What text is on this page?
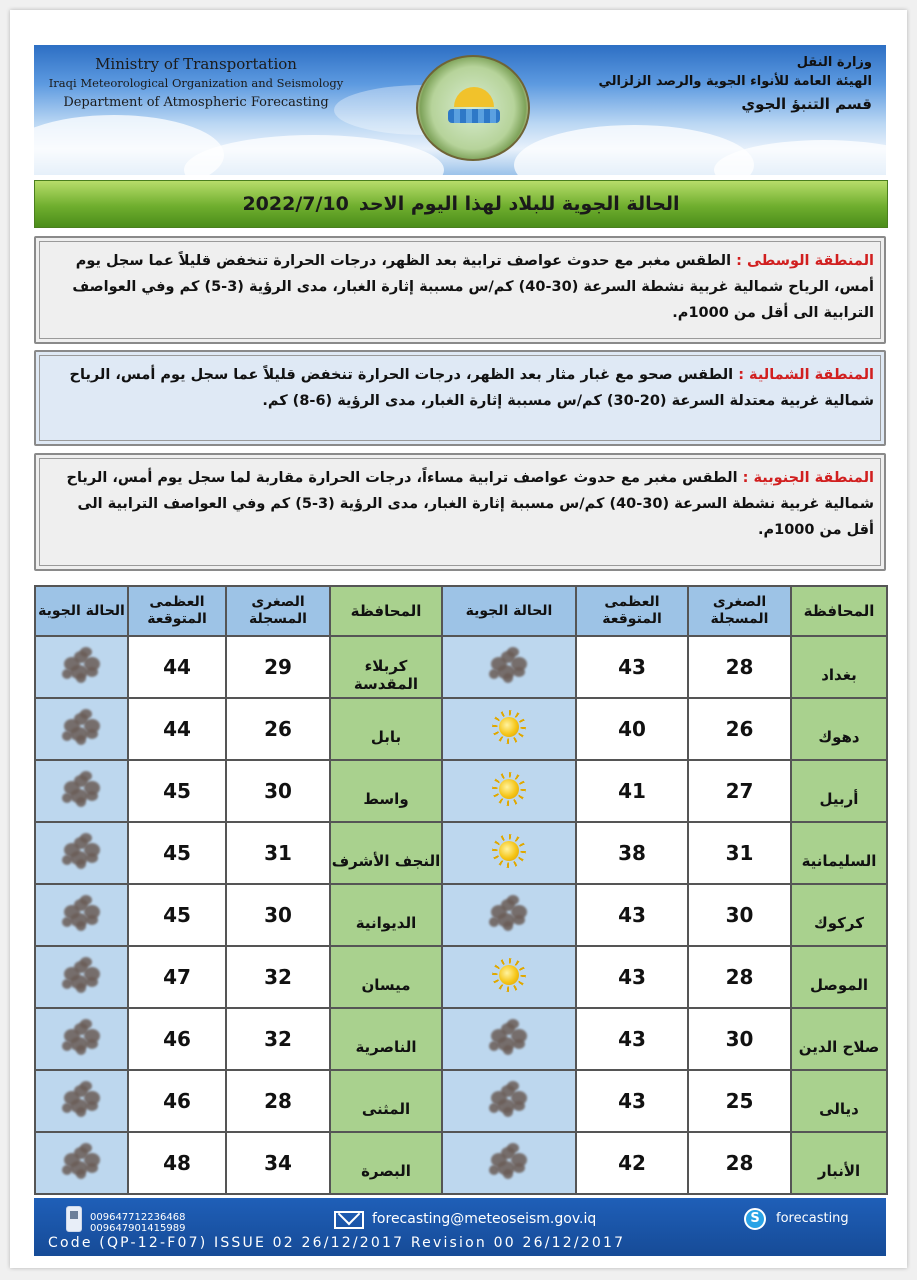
Ministry of Transportation
Iraqi Meteorological Organization and Seismology
Department of Atmospheric Forecasting
وزارة النقل
الهيئة العامة للأنواء الجوية والرصد الزلزالي
قسم التنبؤ الجوي
الحالة الجوية للبلاد لهذا اليوم الاحد
2022/7/10

المنطقة الوسطى : الطقس مغبر مع حدوث عواصف ترابية بعد الظهر، درجات الحرارة تنخفض قليلاً عما سجل يوم أمس، الرياح شمالية غربية نشطة السرعة (30-40) كم/س مسببة إثارة الغبار، مدى الرؤية (3-5) كم وفي العواصف الترابية الى أقل من 1000م.

المنطقة الشمالية : الطقس صحو مع غبار مثار بعد الظهر، درجات الحرارة تنخفض قليلاً عما سجل يوم أمس، الرياح شمالية غربية معتدلة السرعة (20-30) كم/س مسببة إثارة الغبار، مدى الرؤية (6-8) كم.

المنطقة الجنوبية : الطقس مغبر مع حدوث عواصف ترابية مساءاً، درجات الحرارة مقاربة لما سجل يوم أمس، الرياح شمالية غربية نشطة السرعة (30-40) كم/س مسببة إثارة الغبار، مدى الرؤية (3-5) كم وفي العواصف الترابية الى أقل من 1000م.

المحافظة	الصغرى المسجلة	العظمى المتوقعة	الحالة الجوية	المحافظة	الصغرى المسجلة	العظمى المتوقعة	الحالة الجوية
بغداد	28	43		كربلاء المقدسة	29	44	

دهوك	26	40		بابل	26	44	

أربيل	27	41		واسط	30	45	

السليمانية	31	38		النجف الأشرف	31	45	

كركوك	30	43		الديوانية	30	45	

الموصل	28	43		ميسان	32	47	

صلاح الدين	30	43		الناصرية	32	46	

ديالى	25	43		المثنى	28	46	

الأنبار	28	42		البصرة	34	48	
009647712236468
009647901415989
forecasting@meteoseism.gov.iq	S	forecasting
Code (QP-12-F07) ISSUE 02 26/12/2017 Revision 00 26/12/2017
